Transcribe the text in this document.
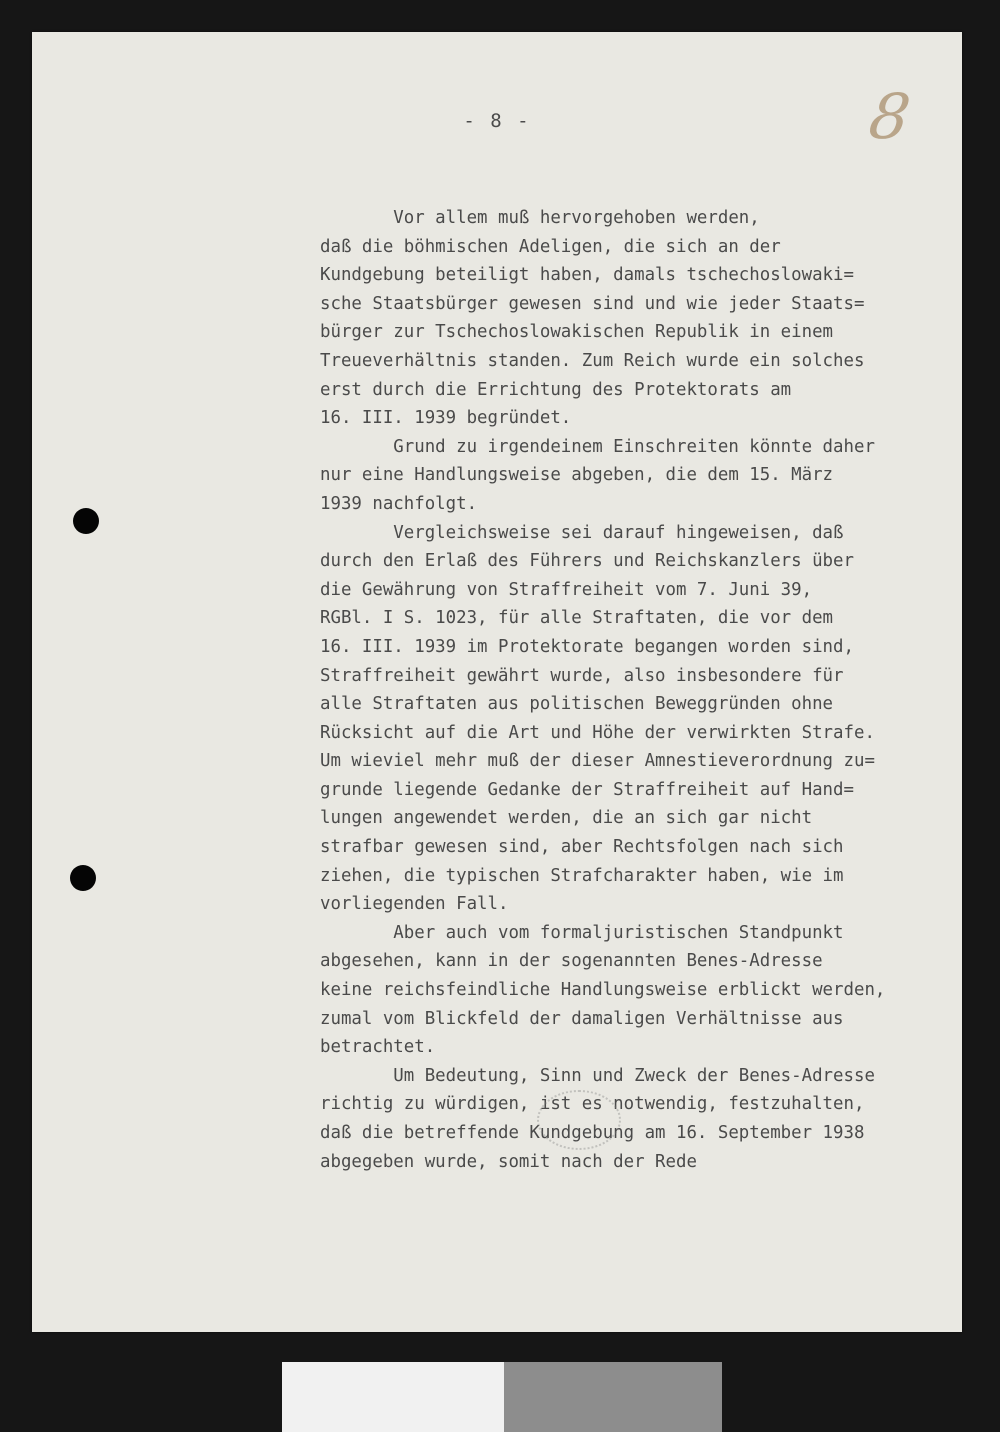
- 8 -	8
Vor allem muß hervorgehoben werden,
daß die böhmischen Adeligen, die sich an der
Kundgebung beteiligt haben, damals tschechoslowaki=
sche Staatsbürger gewesen sind und wie jeder Staats=
bürger zur Tschechoslowakischen Republik in einem
Treueverhältnis standen. Zum Reich wurde ein solches
erst durch die Errichtung des Protektorats am
16. III. 1939 begründet.
Grund zu irgendeinem Einschreiten könnte daher
nur eine Handlungsweise abgeben, die dem 15. März
1939 nachfolgt.
Vergleichsweise sei darauf hingeweisen, daß
durch den Erlaß des Führers und Reichskanzlers über
die Gewährung von Straffreiheit vom 7. Juni 39,
RGBl. I S. 1023, für alle Straftaten, die vor dem
16. III. 1939 im Protektorate begangen worden sind,
Straffreiheit gewährt wurde, also insbesondere für
alle Straftaten aus politischen Beweggründen ohne
Rücksicht auf die Art und Höhe der verwirkten Strafe.
Um wieviel mehr muß der dieser Amnestieverordnung zu=
grunde liegende Gedanke der Straffreiheit auf Hand=
lungen angewendet werden, die an sich gar nicht
strafbar gewesen sind, aber Rechtsfolgen nach sich
ziehen, die typischen Strafcharakter haben, wie im
vorliegenden Fall.
Aber auch vom formaljuristischen Standpunkt
abgesehen, kann in der sogenannten Benes-Adresse
keine reichsfeindliche Handlungsweise erblickt werden,
zumal vom Blickfeld der damaligen Verhältnisse aus
betrachtet.
Um Bedeutung, Sinn und Zweck der Benes-Adresse
richtig zu würdigen, ist es notwendig, festzuhalten,
daß die betreffende Kundgebung am 16. September 1938
abgegeben wurde, somit nach der Rede
